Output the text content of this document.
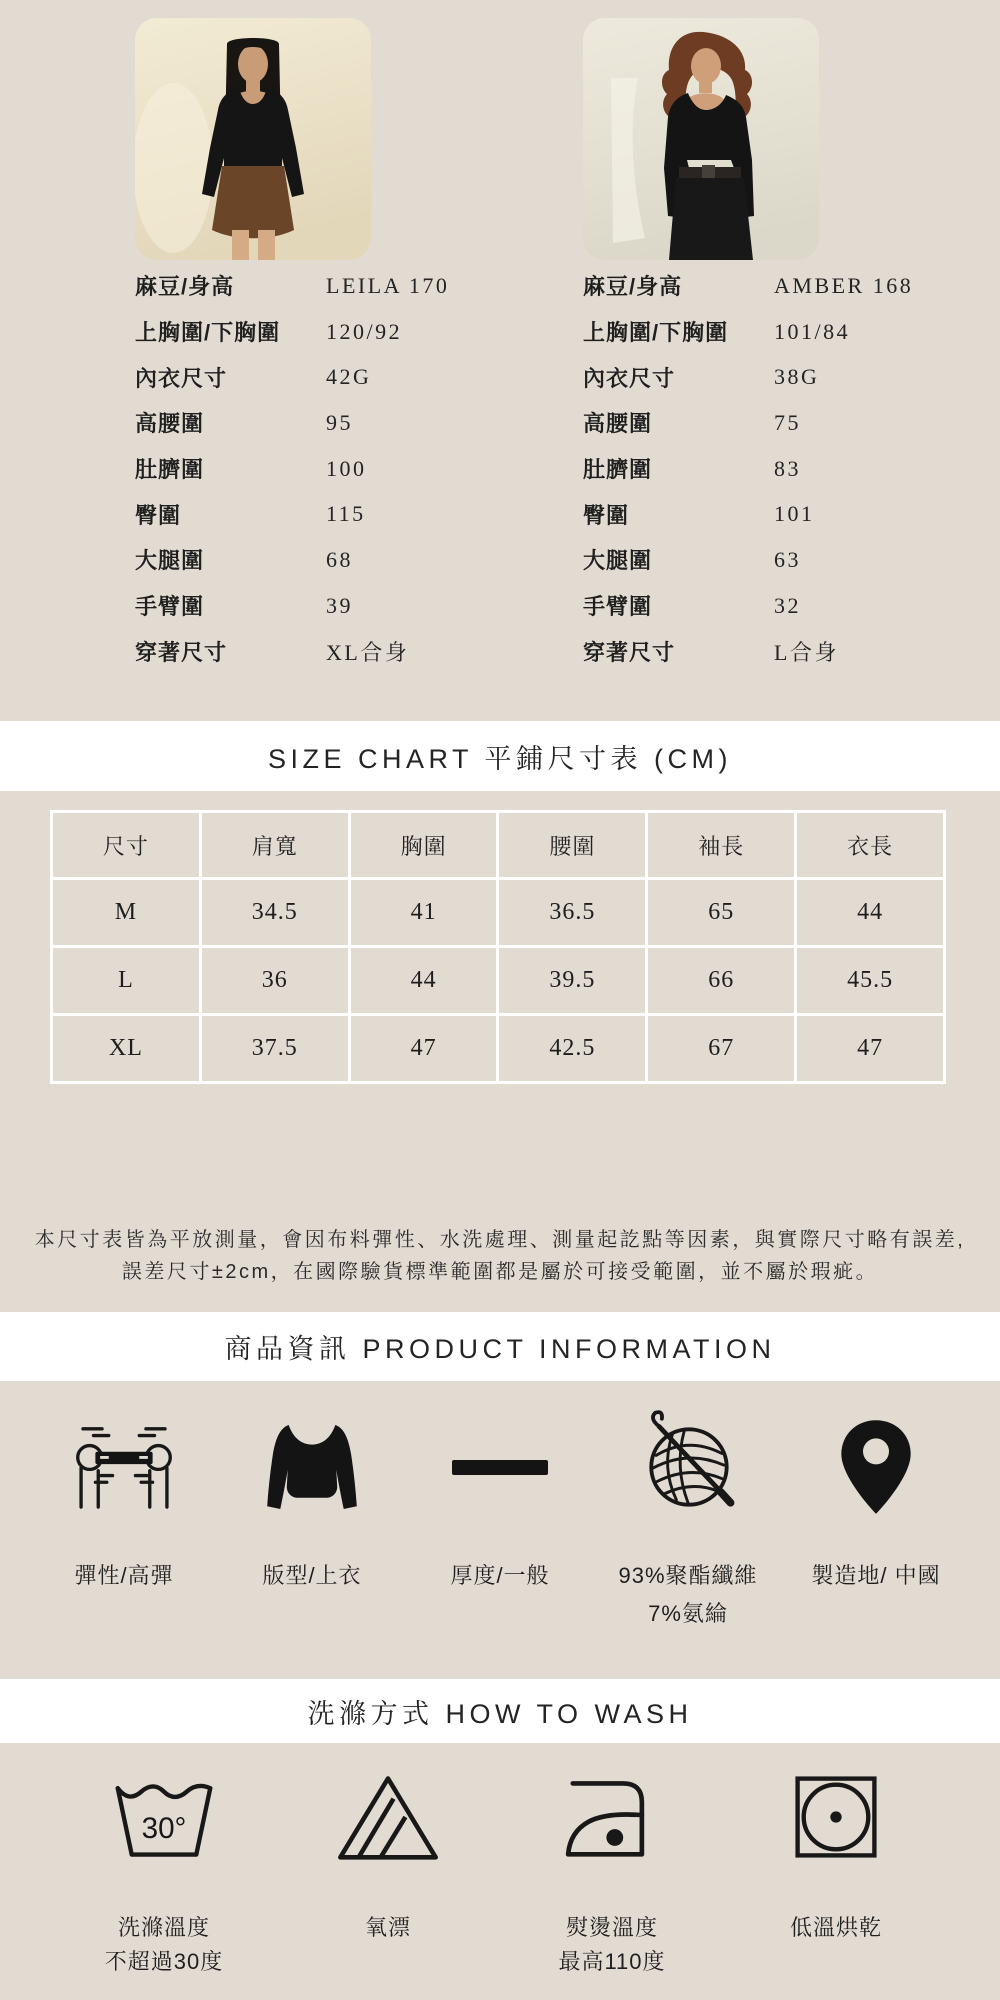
麻豆/身高	LEILA 170
上胸圍/下胸圍 120/92
內衣尺寸	42G
高腰圍	95
肚臍圍	100
臀圍	115
大腿圍	68
手臂圍	39
穿著尺寸	XL合身
麻豆/身高	AMBER 168
上胸圍/下胸圍 101/84
內衣尺寸	38G
高腰圍	75
肚臍圍	83
臀圍	101
大腿圍	63
手臂圍	32
穿著尺寸	L合身
SIZE CHART 平鋪尺寸表 (CM)
尺寸	肩寬	胸圍	腰圍	袖長	衣長
M	34.5	41	36.5	65	44
L	36	44	39.5	66	45.5
XL	37.5	47	42.5	67	47
本尺寸表皆為平放測量，會因布料彈性、水洗處理、測量起訖點等因素，與實際尺寸略有誤差,
誤差尺寸±2cm，在國際驗貨標準範圍都是屬於可接受範圍，並不屬於瑕疵。
商品資訊 PRODUCT INFORMATION
彈性/高彈	版型/上衣	厚度/一般	93%聚酯纖維
7%氨綸
製造地/ 中國
洗滌方式 HOW TO WASH
30°
洗滌溫度
不超過30度
氧漂	熨燙溫度
最高110度
低溫烘乾
